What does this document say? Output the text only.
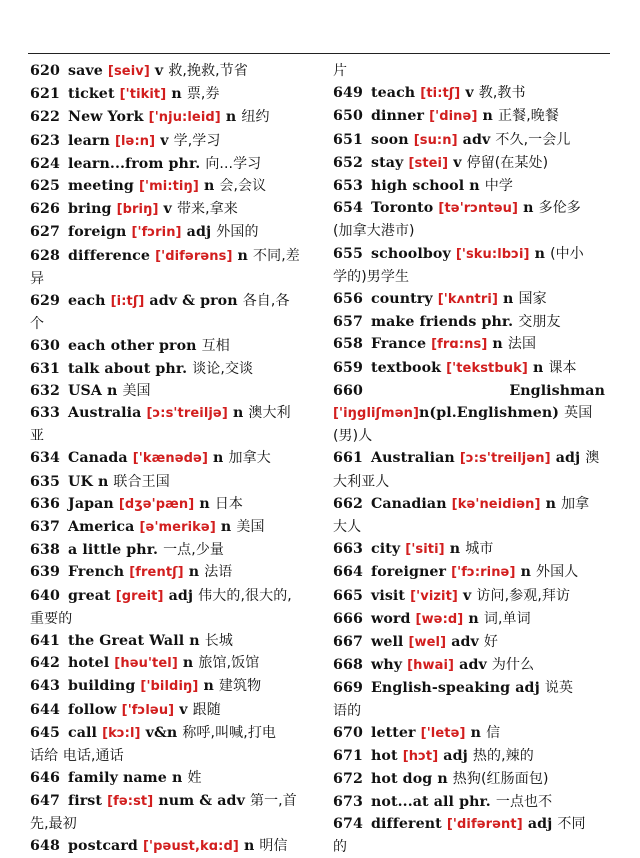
620 save [seiv] v 救,挽救,节省
621 ticket ['tikit] n 票,券
622 New York ['nju:leid] n 纽约
623 learn [lə:n] v 学,学习
624 learn...from phr. 向...学习
625 meeting ['mi:tiŋ] n 会,会议
626 bring [briŋ] v 带来,拿来
627 foreign ['fɔrin] adj 外国的
628 difference ['difərəns] n 不同,差
异
629 each [i:tʃ] adv & pron 各自,各
个
630 each other pron 互相
631 talk about phr. 谈论,交谈
632 USA n 美国
633 Australia [ɔ:s'treiljə] n 澳大利
亚
634 Canada ['kænədə] n 加拿大
635 UK n 联合王国
636 Japan [dʒə'pæn] n 日本
637 America [ə'merikə] n 美国
638 a little phr. 一点,少量
639 French [frentʃ] n 法语
640 great [greit] adj 伟大的,很大的,
重要的
641 the Great Wall n 长城
642 hotel [həu'tel] n 旅馆,饭馆
643 building ['bildiŋ] n 建筑物
644 follow ['fɔləu] v 跟随
645 call [kɔ:l] v&n 称呼,叫喊,打电
话给 电话,通话
646 family name n 姓
647 first [fə:st] num & adv 第一,首
先,最初
648 postcard ['pəust,kɑ:d] n 明信
片
649 teach [ti:tʃ] v 教,教书
650 dinner ['dinə] n 正餐,晚餐
651 soon [su:n] adv 不久,一会儿
652 stay [stei] v 停留(在某处)
653 high school n 中学
654 Toronto [tə'rɔntəu] n 多伦多
(加拿大港市)
655 schoolboy ['sku:lbɔi] n (中小
学的)男学生
656 country ['kʌntri] n 国家
657 make friends phr. 交朋友
658 France [frɑ:ns] n 法国
659 textbook ['tekstbuk] n 课本
660	Englishman
['iŋgliʃmən]n(pl.Englishmen) 英国
(男)人
661 Australian [ɔ:s'treiljən] adj 澳
大利亚人
662 Canadian [kə'neidiən] n 加拿
大人
663 city ['siti] n 城市
664 foreigner ['fɔ:rinə] n 外国人
665 visit ['vizit] v 访问,参观,拜访
666 word [wə:d] n 词,单词
667 well [wel] adv 好
668 why [hwai] adv 为什么
669 English-speaking adj 说英
语的
670 letter ['letə] n 信
671 hot [hɔt] adj 热的,辣的
672 hot dog n 热狗(红肠面包)
673 not...at all phr. 一点也不
674 different ['difərənt] adj 不同
的
